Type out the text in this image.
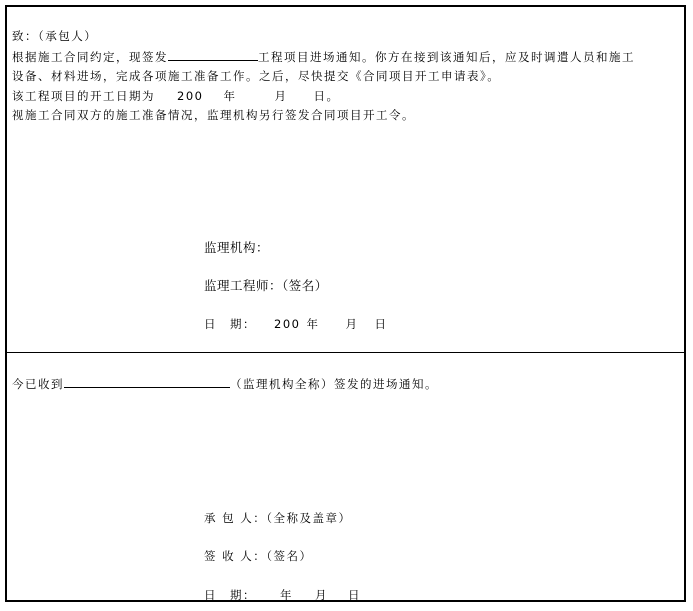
致：（承包人）
根据施工合同约定，现签发	工程项目进场通知。你方在接到该通知后，应及时调遣人员和施工
设备、材料进场，完成各项施工准备工作。之后，尽快提交《合同项目开工申请表》。
该工程项目的开工日期为 200 年	月 日。
视施工合同双方的施工准备情况，监理机构另行签发合同项目开工令。
监理机构：
监理工程师：（签名）
日　期： 200 年 月 日
今已收到	（监理机构全称）签发的进场通知。
承 包 人：（全称及盖章）
签 收 人：（签名）
日　期： 年 月 日
